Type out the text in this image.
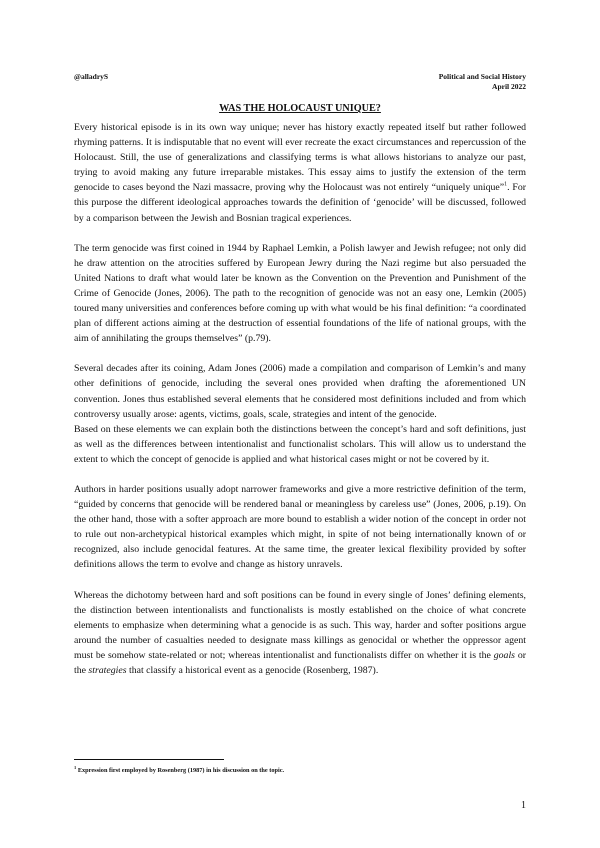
@alladryS	Political and Social History
April 2022
WAS THE HOLOCAUST UNIQUE?

Every historical episode is in its own way unique; never has history exactly repeated itself but rather followed rhyming patterns. It is indisputable that no event will ever recreate the exact circumstances and repercussion of the Holocaust. Still, the use of generalizations and classifying terms is what allows historians to analyze our past, trying to avoid making any future irreparable mistakes. This essay aims to justify the extension of the term genocide to cases beyond the Nazi massacre, proving why the Holocaust was not entirely “uniquely unique”$^1$. For this purpose the different ideological approaches towards the definition of ‘genocide’ will be discussed, followed by a comparison between the Jewish and Bosnian tragical experiences.

The term genocide was first coined in 1944 by Raphael Lemkin, a Polish lawyer and Jewish refugee; not only did he draw attention on the atrocities suffered by European Jewry during the Nazi regime but also persuaded the United Nations to draft what would later be known as the Convention on the Prevention and Punishment of the Crime of Genocide (Jones, 2006). The path to the recognition of genocide was not an easy one, Lemkin (2005) toured many universities and conferences before coming up with what would be his final definition: “a coordinated plan of different actions aiming at the destruction of essential foundations of the life of national groups, with the aim of annihilating the groups themselves” (p.79).

Several decades after its coining, Adam Jones (2006) made a compilation and comparison of Lemkin’s and many other definitions of genocide, including the several ones provided when drafting the aforementioned UN convention. Jones thus established several elements that he considered most definitions included and from which controversy usually arose: agents, victims, goals, scale, strategies and intent of the genocide.

Based on these elements we can explain both the distinctions between the concept’s hard and soft definitions, just as well as the differences between intentionalist and functionalist scholars. This will allow us to understand the extent to which the concept of genocide is applied and what historical cases might or not be covered by it.

Authors in harder positions usually adopt narrower frameworks and give a more restrictive definition of the term, “guided by concerns that genocide will be rendered banal or meaningless by careless use” (Jones, 2006, p.19). On the other hand, those with a softer approach are more bound to establish a wider notion of the concept in order not to rule out non-archetypical historical examples which might, in spite of not being internationally known of or recognized, also include genocidal features. At the same time, the greater lexical flexibility provided by softer definitions allows the term to evolve and change as history unravels.

Whereas the dichotomy between hard and soft positions can be found in every single of Jones’ defining elements, the distinction between intentionalists and functionalists is mostly established on the choice of what concrete elements to emphasize when determining what a genocide is as such. This way, harder and softer positions argue around the number of casualties needed to designate mass killings as genocidal or whether the oppressor agent must be somehow state-related or not; whereas intentionalist and functionalists differ on whether it is the goals or the strategies that classify a historical event as a genocide (Rosenberg, 1987).

$^1$ Expression first employed by Rosenberg (1987) in his discussion on the topic.
1
